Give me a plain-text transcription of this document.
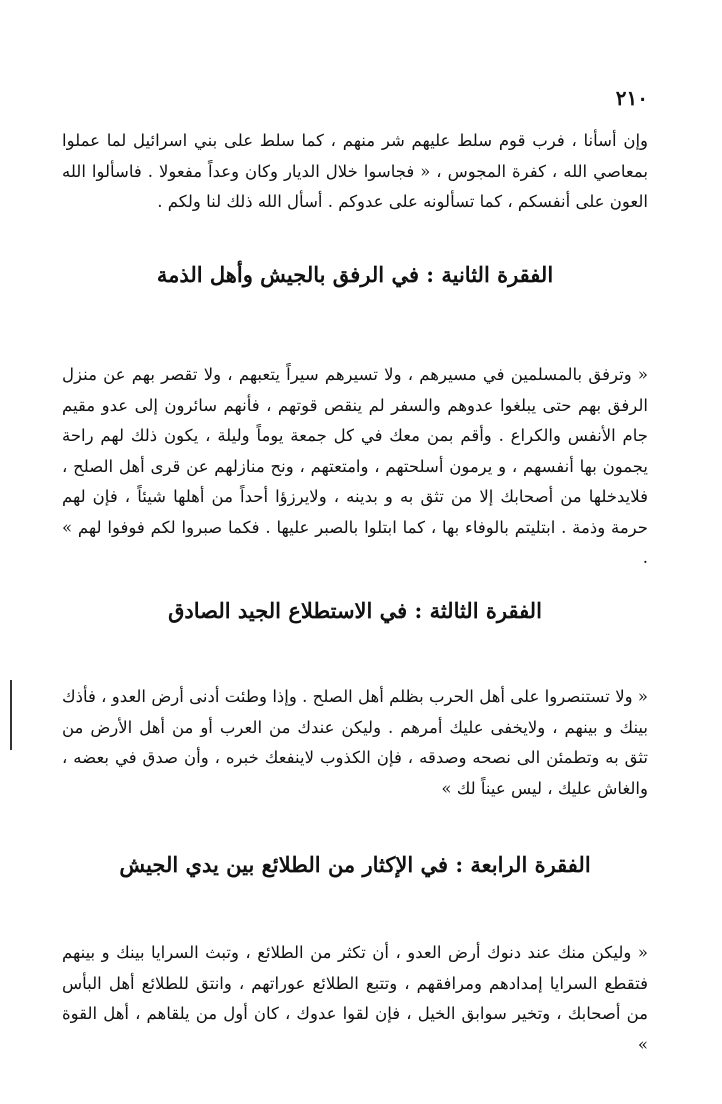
٢١٠

وإن أسأنا ، فرب قوم سلط عليهم شر منهم ، كما سلط على بني اسرائيل لما عملوا بمعاصي الله ، كفرة المجوس ، « فجاسوا خلال الديار وكان وعداً مفعولا . فاسألوا الله العون على أنفسكم ، كما تسألونه على عدوكم . أسأل الله ذلك لنا ولكم .

الفقرة الثانية : في الرفق بالجيش وأهل الذمة

« وترفق بالمسلمين في مسيرهم ، ولا تسيرهم سيراً يتعبهم ، ولا تقصر بهم عن منزل الرفق بهم حتى يبلغوا عدوهم والسفر لم ينقص قوتهم ، فأنهم سائرون إلى عدو مقيم جام الأنفس والكراع . وأقم بمن معك في كل جمعة يوماً وليلة ، يكون ذلك لهم راحة يجمون بها أنفسهم ، و يرمون أسلحتهم ، وامتعتهم ، ونح منازلهم عن قرى أهل الصلح ، فلايدخلها من أصحابك إلا من تثق به و بدينه ، ولايرزؤا أحداً من أهلها شيئاً ، فإن لهم حرمة وذمة . ابتليتم بالوفاء بها ، كما ابتلوا بالصبر عليها . فكما صبروا لكم فوفوا لهم » .

الفقرة الثالثة : في الاستطلاع الجيد الصادق

« ولا تستنصروا على أهل الحرب بظلم أهل الصلح . وإذا وطئت أدنى أرض العدو ، فأذك بينك و بينهم ، ولايخفى عليك أمرهم . وليكن عندك من العرب أو من أهل الأرض من تثق به وتطمئن الى نصحه وصدقه ، فإن الكذوب لاينفعك خبره ، وأن صدق في بعضه ، والغاش عليك ، ليس عيناً لك »

الفقرة الرابعة : في الإكثار من الطلائع بين يدي الجيش

« وليكن منك عند دنوك أرض العدو ، أن تكثر من الطلائع ، وتبث السرايا بينك و بينهم فتقطع السرايا إمدادهم ومرافقهم ، وتتبع الطلائع عوراتهم ، وانتق للطلائع أهل البأس من أصحابك ، وتخير سوابق الخيل ، فإن لقوا عدوك ، كان أول من يلقاهم ، أهل القوة »
